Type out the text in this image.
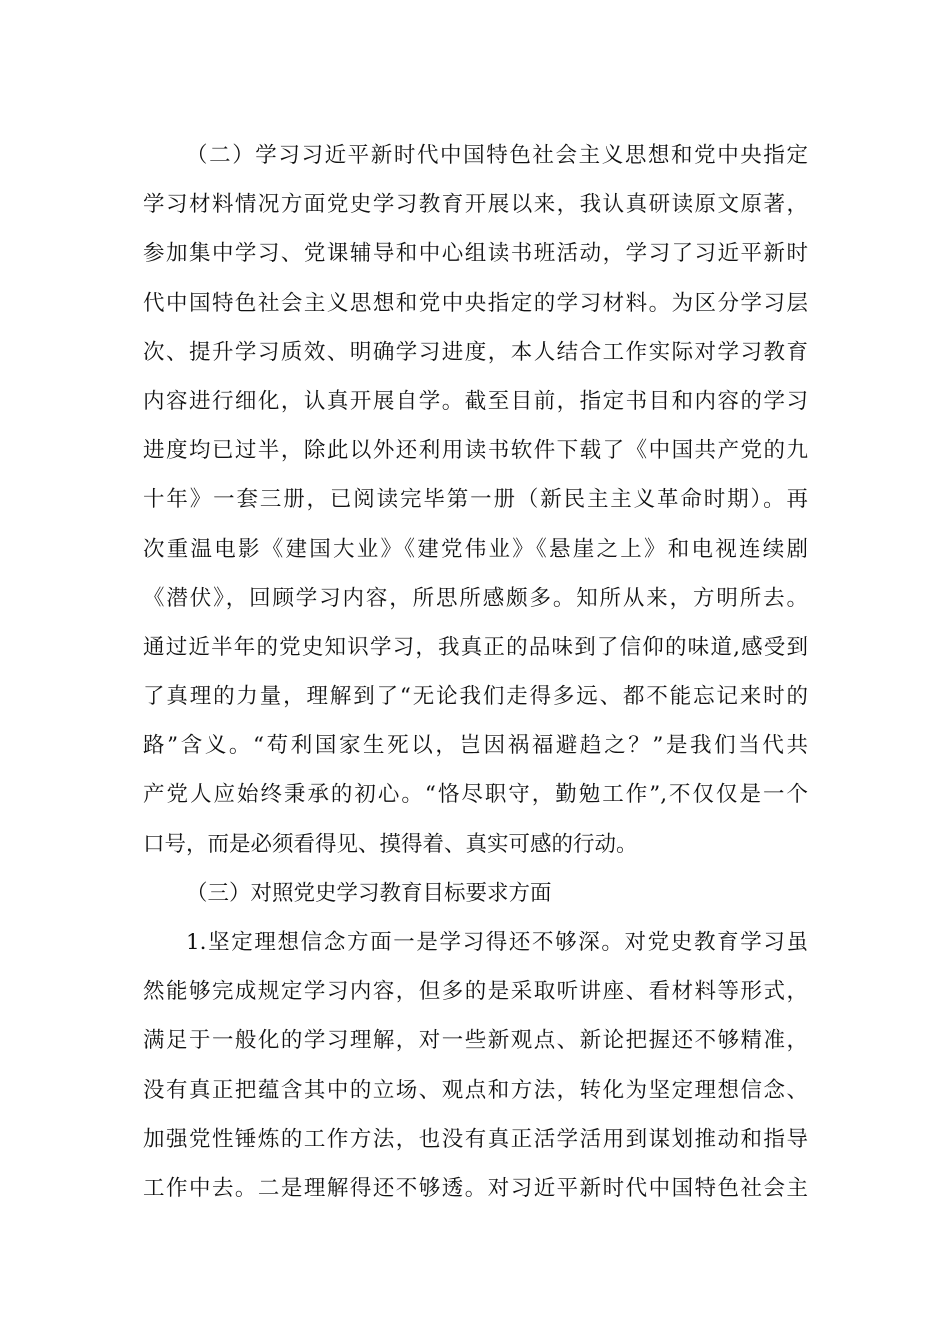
（二）学习习近平新时代中国特色社会主义思想和党中央指定
学习材料情况方面党史学习教育开展以来，我认真研读原文原著，
参加集中学习、党课辅导和中心组读书班活动，学习了习近平新时
代中国特色社会主义思想和党中央指定的学习材料。为区分学习层
次、提升学习质效、明确学习进度，本人结合工作实际对学习教育
内容进行细化，认真开展自学。截至目前，指定书目和内容的学习
进度均已过半，除此以外还利用读书软件下载了《中国共产党的九
十年》一套三册，已阅读完毕第一册（新民主主义革命时期）。再
次重温电影《建国大业》《建党伟业》《悬崖之上》和电视连续剧
《潜伏》，回顾学习内容，所思所感颇多。知所从来，方明所去。
通过近半年的党史知识学习，我真正的品味到了信仰的味道,感受到
了真理的力量，理解到了“无论我们走得多远、都不能忘记来时的
路”含义。“苟利国家生死以，岂因祸福避趋之？”是我们当代共
产党人应始终秉承的初心。“恪尽职守，勤勉工作”,不仅仅是一个
口号，而是必须看得见、摸得着、真实可感的行动。
（三）对照党史学习教育目标要求方面
1.坚定理想信念方面一是学习得还不够深。对党史教育学习虽
然能够完成规定学习内容，但多的是采取听讲座、看材料等形式，
满足于一般化的学习理解，对一些新观点、新论把握还不够精准，
没有真正把蕴含其中的立场、观点和方法，转化为坚定理想信念、
加强党性锤炼的工作方法，也没有真正活学活用到谋划推动和指导
工作中去。二是理解得还不够透。对习近平新时代中国特色社会主
